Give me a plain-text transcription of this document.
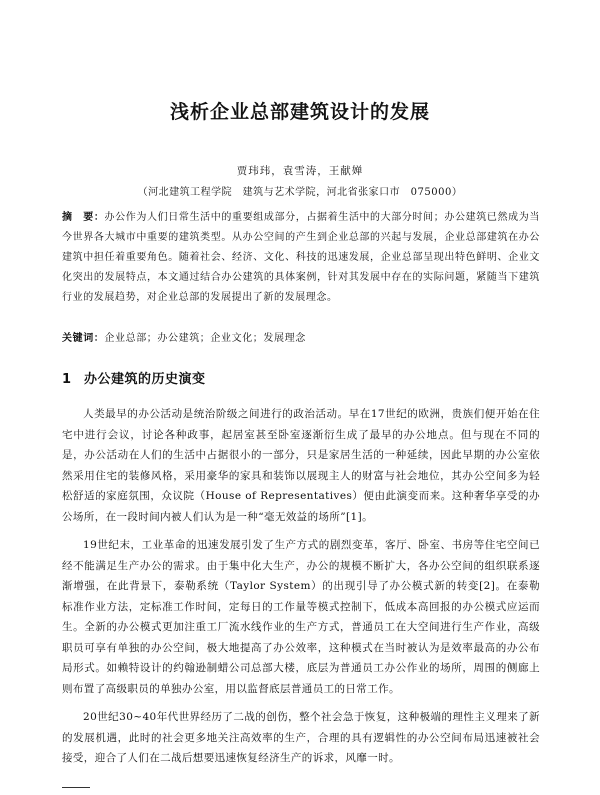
浅析企业总部建筑设计的发展
贾玮玮，袁雪涛，王献婵
（河北建筑工程学院　建筑与艺术学院，河北省张家口市　075000）

摘　要：办公作为人们日常生活中的重要组成部分，占据着生活中的大部分时间；办公建筑已然成为当今世界各大城市中重要的建筑类型。从办公空间的产生到企业总部的兴起与发展，企业总部建筑在办公建筑中担任着重要角色。随着社会、经济、文化、科技的迅速发展，企业总部呈现出特色鲜明、企业文化突出的发展特点，本文通过结合办公建筑的具体案例，针对其发展中存在的实际问题，紧随当下建筑行业的发展趋势，对企业总部的发展提出了新的发展理念。

关键词：企业总部；办公建筑；企业文化；发展理念

1 办公建筑的历史演变

人类最早的办公活动是统治阶级之间进行的政治活动。早在17世纪的欧洲，贵族们便开始在住宅中进行会议，讨论各种政事，起居室甚至卧室逐渐衍生成了最早的办公地点。但与现在不同的是，办公活动在人们的生活中占据很小的一部分，只是家居生活的一种延续，因此早期的办公室依然采用住宅的装修风格，采用豪华的家具和装饰以展现主人的财富与社会地位，其办公空间多为轻松舒适的家庭氛围，众议院（House of Representatives）便由此演变而来。这种奢华享受的办公场所，在一段时间内被人们认为是一种“毫无效益的场所”[1]。

19世纪末，工业革命的迅速发展引发了生产方式的剧烈变革，客厅、卧室、书房等住宅空间已经不能满足生产办公的需求。由于集中化大生产，办公的规模不断扩大，各办公空间的组织联系逐渐增强，在此背景下，泰勒系统（Taylor System）的出现引导了办公模式新的转变[2]。在泰勒标准作业方法，定标准工作时间，定每日的工作量等模式控制下，低成本高回报的办公模式应运而生。全新的办公模式更加注重工厂流水线作业的生产方式，普通员工在大空间进行生产作业，高级职员可享有单独的办公空间，极大地提高了办公效率，这种模式在当时被认为是效率最高的办公布局形式。如赖特设计的约翰逊制蜡公司总部大楼，底层为普通员工办公作业的场所，周围的侧廊上则布置了高级职员的单独办公室，用以监督底层普通员工的日常工作。

20世纪30~40年代世界经历了二战的创伤，整个社会急于恢复，这种极端的理性主义理来了新的发展机遇，此时的社会更多地关注高效率的生产，合理的具有逻辑性的办公空间布局迅速被社会接受，迎合了人们在二战后想要迅速恢复经济生产的诉求，风靡一时。
